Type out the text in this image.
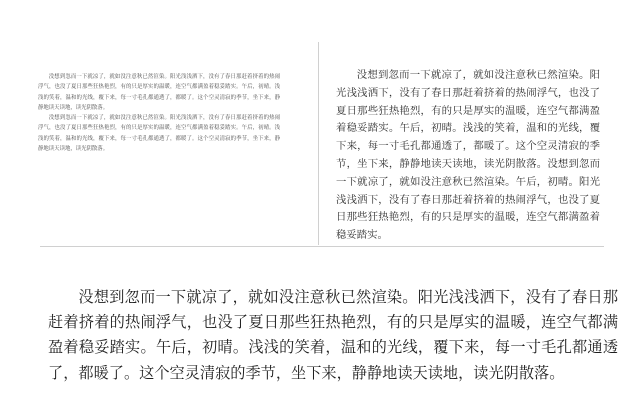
没想到忽而一下就凉了，就如没注意秋已然渲染。阳光浅浅洒下，没有了春日那赶着挤着的热闹浮气，也没了夏日那些狂热艳烈，有的只是厚实的温暖，连空气都满盈着稳妥踏实。午后，初晴。浅浅的笑着，温和的光线，覆下来，每一寸毛孔都通透了，都暖了。这个空灵清寂的季节，坐下来，静静地读天读地，读光阴散落。

没想到忽而一下就凉了，就如没注意秋已然渲染。阳光浅浅洒下，没有了春日那赶着挤着的热闹浮气，也没了夏日那些狂热艳烈，有的只是厚实的温暖，连空气都满盈着稳妥踏实。午后，初晴。浅浅的笑着，温和的光线，覆下来，每一寸毛孔都通透了，都暖了。这个空灵清寂的季节，坐下来，静静地读天读地，读光阴散落。

没想到忽而一下就凉了，就如没注意秋已然渲染。阳光浅浅洒下，没有了春日那赶着挤着的热闹浮气，也没了夏日那些狂热艳烈，有的只是厚实的温暖，连空气都满盈着稳妥踏实。午后，初晴。浅浅的笑着，温和的光线，覆下来，每一寸毛孔都通透了，都暖了。这个空灵清寂的季节，坐下来，静静地读天读地，读光阴散落。没想到忽而一下就凉了，就如没注意秋已然渲染。午后，初晴。阳光浅浅洒下，没有了春日那赶着挤着的热闹浮气，也没了夏日那些狂热艳烈，有的只是厚实的温暖，连空气都满盈着稳妥踏实。

没想到忽而一下就凉了，就如没注意秋已然渲染。阳光浅浅洒下，没有了春日那赶着挤着的热闹浮气，也没了夏日那些狂热艳烈，有的只是厚实的温暖，连空气都满盈着稳妥踏实。午后，初晴。浅浅的笑着，温和的光线，覆下来，每一寸毛孔都通透了，都暖了。这个空灵清寂的季节，坐下来，静静地读天读地，读光阴散落。
